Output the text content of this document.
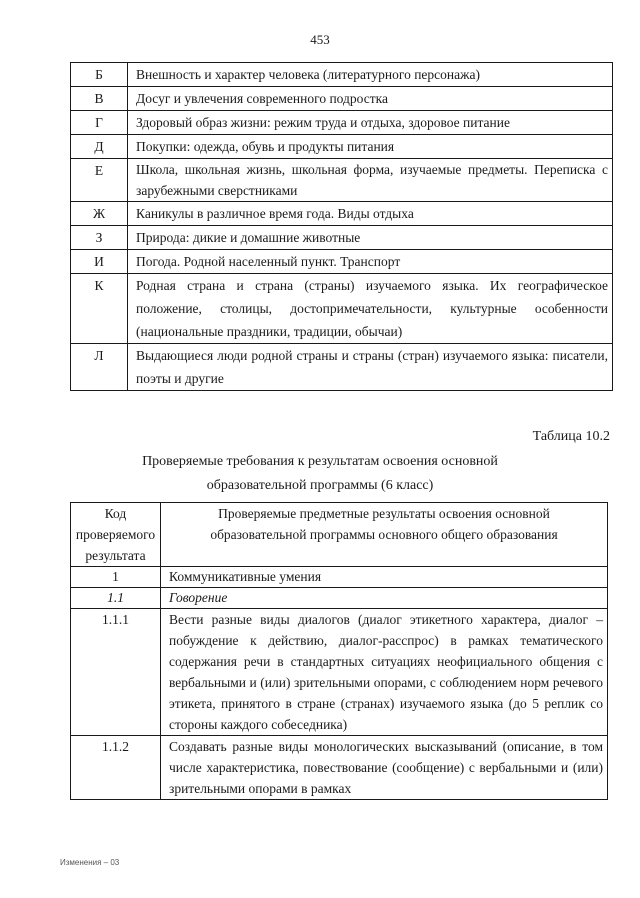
453
Б	Внешность и характер человека (литературного персонажа)
В	Досуг и увлечения современного подростка
Г	Здоровый образ жизни: режим труда и отдыха, здоровое питание
Д	Покупки: одежда, обувь и продукты питания
Е	Школа, школьная жизнь, школьная форма, изучаемые предметы. Переписка с зарубежными сверстниками
Ж	Каникулы в различное время года. Виды отдыха
З	Природа: дикие и домашние животные
И	Погода. Родной населенный пункт. Транспорт
К	Родная страна и страна (страны) изучаемого языка. Их географическое положение, столицы, достопримечательности, культурные особенности (национальные праздники, традиции, обычаи)
Л	Выдающиеся люди родной страны и страны (стран) изучаемого языка: писатели, поэты и другие
Таблица 10.2
Проверяемые требования к результатам освоения основной
образовательной программы (6 класс)
Код проверяемого результата	Проверяемые предметные результаты освоения основной образовательной программы основного общего образования
1	Коммуникативные умения
1.1	Говорение
1.1.1	Вести разные виды диалогов (диалог этикетного характера, диалог – побуждение к действию, диалог-расспрос) в рамках тематического содержания речи в стандартных ситуациях неофициального общения с вербальными и (или) зрительными опорами, с соблюдением норм речевого этикета, принятого в стране (странах) изучаемого языка (до 5 реплик со стороны каждого собеседника)
1.1.2	Создавать разные виды монологических высказываний (описание, в том числе характеристика, повествование (сообщение) с вербальными и (или) зрительными опорами в рамках
Изменения – 03
